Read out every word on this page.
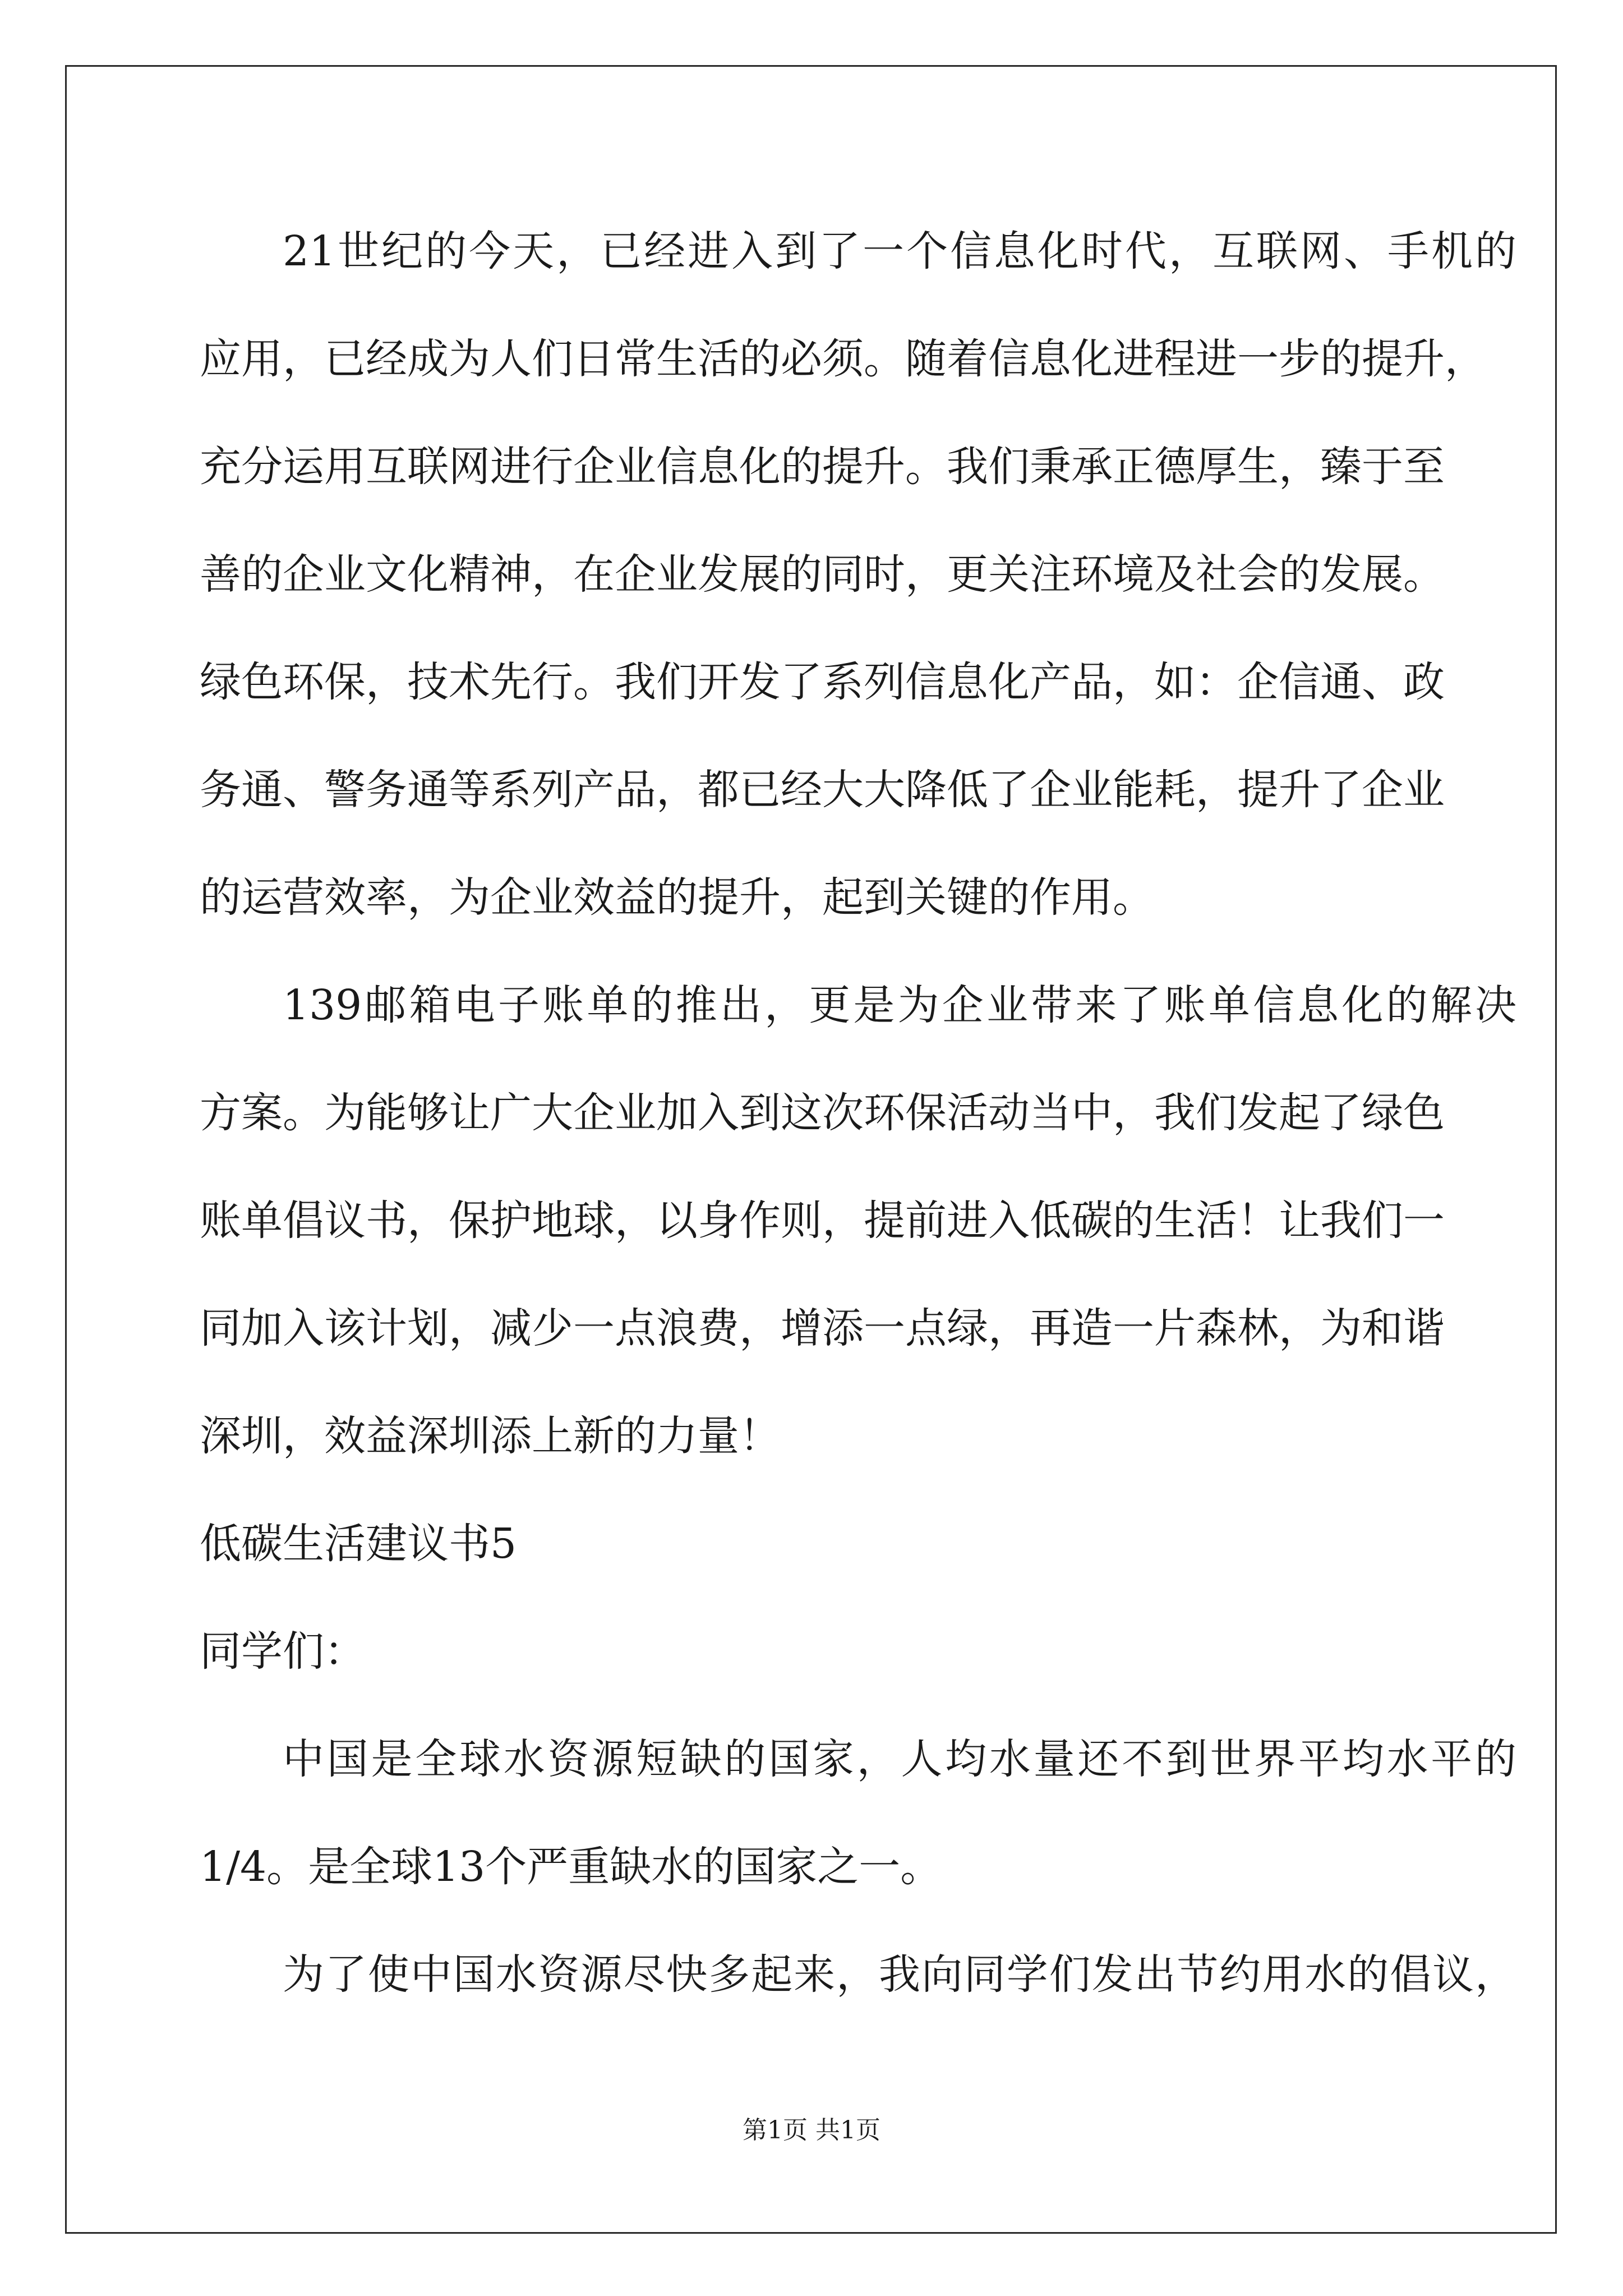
21世纪的今天，已经进入到了一个信息化时代，互联网、手机的
应用，已经成为人们日常生活的必须。随着信息化进程进一步的提升，
充分运用互联网进行企业信息化的提升。我们秉承正德厚生，臻于至
善的企业文化精神，在企业发展的同时，更关注环境及社会的发展。
绿色环保，技术先行。我们开发了系列信息化产品，如：企信通、政
务通、警务通等系列产品，都已经大大降低了企业能耗，提升了企业
的运营效率，为企业效益的提升，起到关键的作用。
139邮箱电子账单的推出，更是为企业带来了账单信息化的解决
方案。为能够让广大企业加入到这次环保活动当中，我们发起了绿色
账单倡议书，保护地球，以身作则，提前进入低碳的生活！让我们一
同加入该计划，减少一点浪费，增添一点绿，再造一片森林，为和谐
深圳，效益深圳添上新的力量！
低碳生活建议书5
同学们：
中国是全球水资源短缺的国家，人均水量还不到世界平均水平的
1/4。是全球13个严重缺水的国家之一。
为了使中国水资源尽快多起来，我向同学们发出节约用水的倡议，
第1页 共1页
